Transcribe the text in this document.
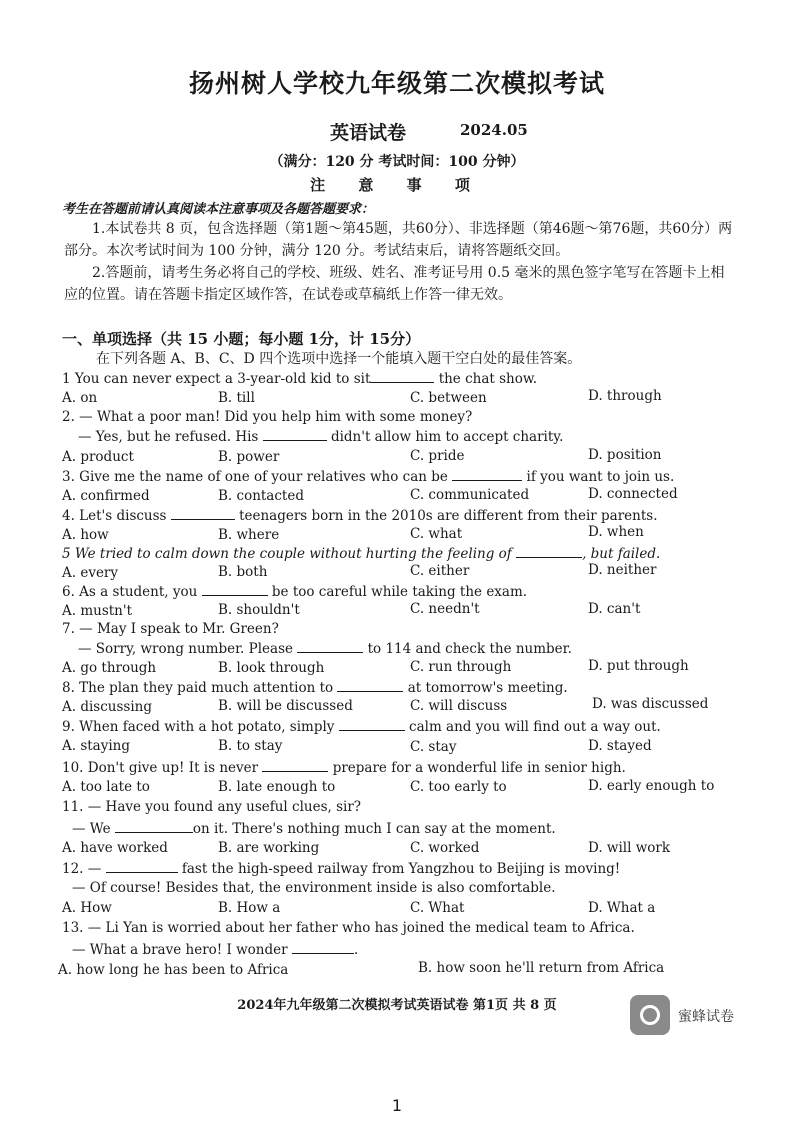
扬州树人学校九年级第二次模拟考试
英语试卷	2024.05
（满分：120 分 考试时间：100 分钟）
注 意 事 项
考生在答题前请认真阅读本注意事项及各题答题要求：
1.本试卷共 8 页，包含选择题（第1题～第45题，共60分）、非选择题（第46题～第76题，共60分）两部分。本次考试时间为 100 分钟，满分 120 分。考试结束后，请将答题纸交回。
2.答题前，请考生务必将自己的学校、班级、姓名、准考证号用 0.5 毫米的黑色签字笔写在答题卡上相应的位置。请在答题卡指定区域作答，在试卷或草稿纸上作答一律无效。
一、单项选择（共 15 小题；每小题 1分，计 15分）
在下列各题 A、B、C、D 四个选项中选择一个能填入题干空白处的最佳答案。
1 You can never expect a 3-year-old kid to sit	the chat show.
A. on	B. till	C. between	D. through
2. — What a poor man! Did you help him with some money?
— Yes, but he refused. His	didn't allow him to accept charity.
A. product	B. power	C. pride	D. position
3. Give me the name of one of your relatives who can be	if you want to join us.
A. confirmed	B. contacted	C. communicated	D. connected
4. Let's discuss	teenagers born in the 2010s are different from their parents.
A. how	B. where	C. what	D. when
5 We tried to calm down the couple without hurting the feeling of	, but failed.
A. every	B. both	C. either	D. neither
6. As a student, you	be too careful while taking the exam.
A. mustn't	B. shouldn't	C. needn't	D. can't
7. — May I speak to Mr. Green?
— Sorry, wrong number. Please	to 114 and check the number.
A. go through	B. look through	C. run through	D. put through
8. The plan they paid much attention to	at tomorrow's meeting.
A. discussing	B. will be discussed	C. will discuss	D. was discussed
9. When faced with a hot potato, simply	calm and you will find out a way out.
A. staying	B. to stay	C. stay	D. stayed
10. Don't give up! It is never	prepare for a wonderful life in senior high.
A. too late to	B. late enough to	C. too early to	D. early enough to
11. — Have you found any useful clues, sir?
— We	on it. There's nothing much I can say at the moment.
A. have worked	B. are working	C. worked	D. will work
12. —	fast the high-speed railway from Yangzhou to Beijing is moving!
— Of course! Besides that, the environment inside is also comfortable.
A. How	B. How a	C. What	D. What a
13. — Li Yan is worried about her father who has joined the medical team to Africa.
— What a brave hero! I wonder	.
A. how long he has been to Africa	B. how soon he'll return from Africa
2024年九年级第二次模拟考试英语试卷 第1页 共 8 页
蜜蜂试卷
1
